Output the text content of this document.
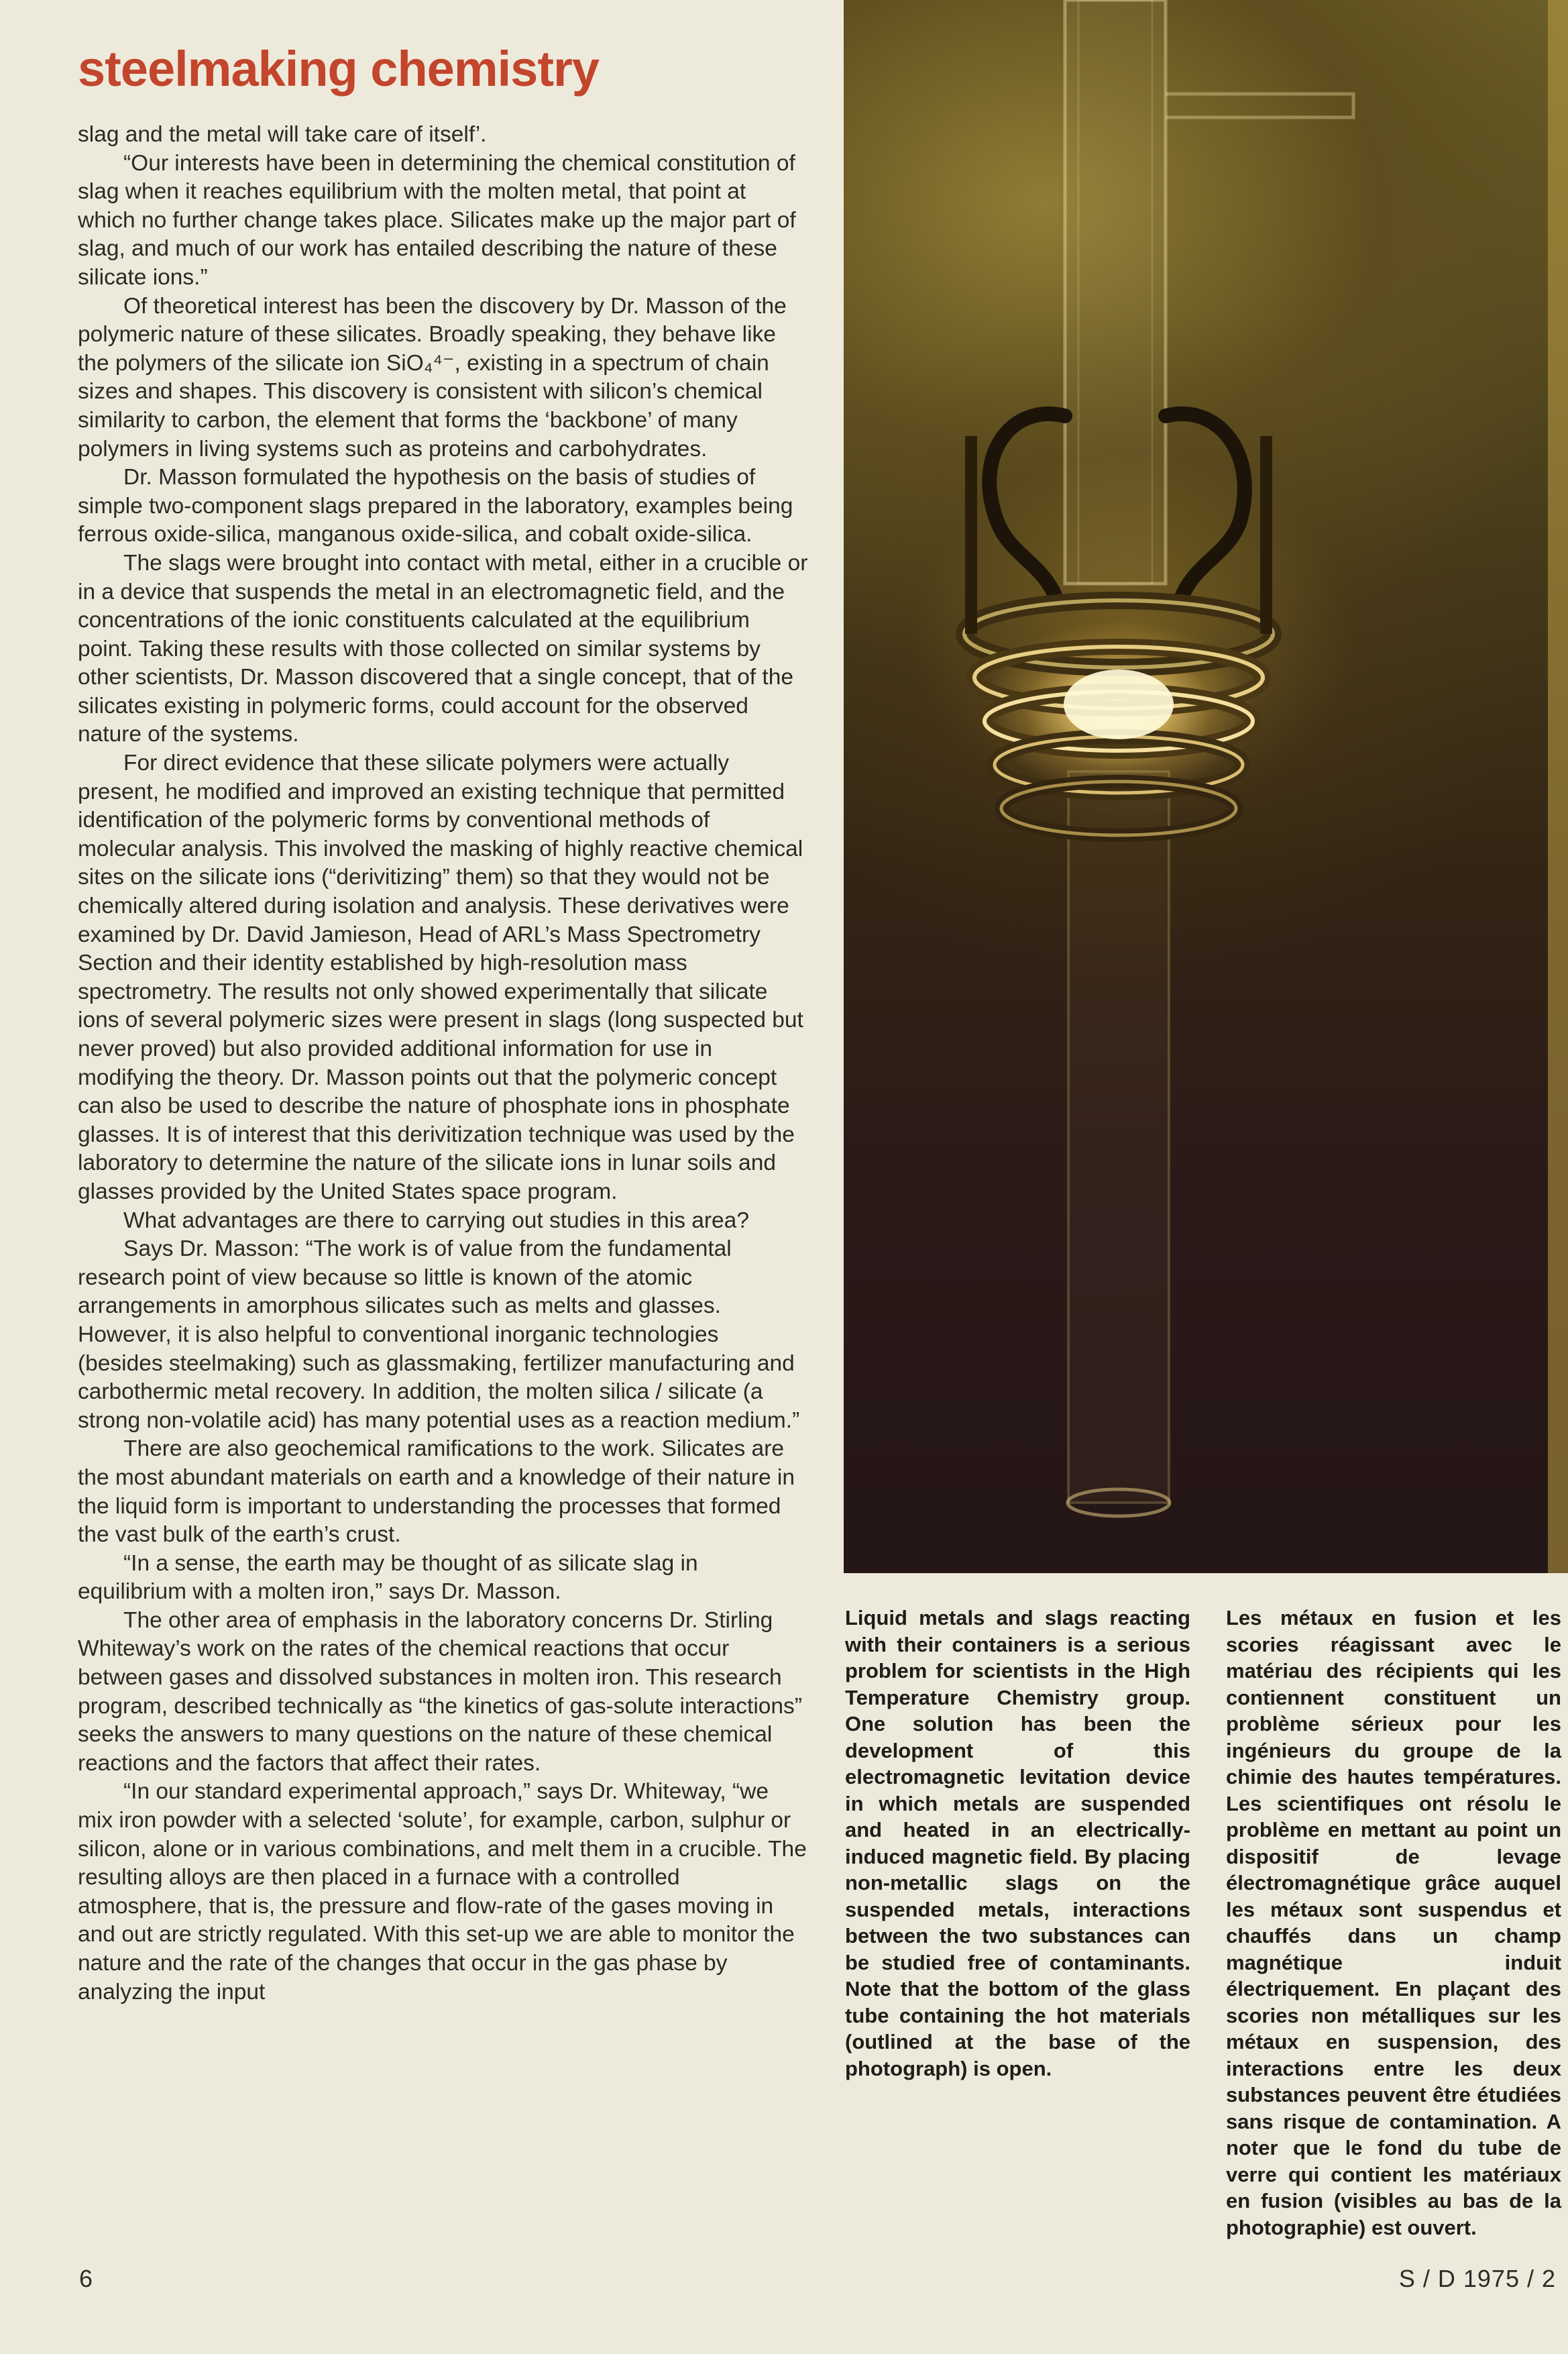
steelmaking chemistry

slag and the metal will take care of itself’.

“Our interests have been in determining the chemical constitution of slag when it reaches equilibrium with the molten metal, that point at which no further change takes place. Silicates make up the major part of slag, and much of our work has entailed describing the nature of these silicate ions.”

Of theoretical interest has been the discovery by Dr. Masson of the polymeric nature of these silicates. Broadly speaking, they behave like the polymers of the silicate ion SiO₄⁴⁻, existing in a spectrum of chain sizes and shapes. This discovery is consistent with silicon’s chemical similarity to carbon, the element that forms the ‘backbone’ of many polymers in living systems such as proteins and carbohydrates.

Dr. Masson formulated the hypothesis on the basis of studies of simple two-component slags prepared in the laboratory, examples being ferrous oxide-silica, manganous oxide-silica, and cobalt oxide-silica.

The slags were brought into contact with metal, either in a crucible or in a device that suspends the metal in an electromagnetic field, and the concentrations of the ionic constituents calculated at the equilibrium point. Taking these results with those collected on similar systems by other scientists, Dr. Masson discovered that a single concept, that of the silicates existing in polymeric forms, could account for the observed nature of the systems.

For direct evidence that these silicate polymers were actually present, he modified and improved an existing technique that permitted identification of the polymeric forms by conventional methods of molecular analysis. This involved the masking of highly reactive chemical sites on the silicate ions (“derivitizing” them) so that they would not be chemically altered during isolation and analysis. These derivatives were examined by Dr. David Jamieson, Head of ARL’s Mass Spectrometry Section and their identity established by high-resolution mass spectrometry. The results not only showed experimentally that silicate ions of several polymeric sizes were present in slags (long suspected but never proved) but also provided additional information for use in modifying the theory. Dr. Masson points out that the polymeric concept can also be used to describe the nature of phosphate ions in phosphate glasses. It is of interest that this derivitization technique was used by the laboratory to determine the nature of the silicate ions in lunar soils and glasses provided by the United States space program.

What advantages are there to carrying out studies in this area?

Says Dr. Masson: “The work is of value from the fundamental research point of view because so little is known of the atomic arrangements in amorphous silicates such as melts and glasses. However, it is also helpful to conventional inorganic technologies (besides steelmaking) such as glassmaking, fertilizer manufacturing and carbothermic metal recovery. In addition, the molten silica / silicate (a strong non-volatile acid) has many potential uses as a reaction medium.”

There are also geochemical ramifications to the work. Silicates are the most abundant materials on earth and a knowledge of their nature in the liquid form is important to understanding the processes that formed the vast bulk of the earth’s crust.

“In a sense, the earth may be thought of as silicate slag in equilibrium with a molten iron,” says Dr. Masson.

The other area of emphasis in the laboratory concerns Dr. Stirling Whiteway’s work on the rates of the chemical reactions that occur between gases and dissolved substances in molten iron. This research program, described technically as “the kinetics of gas-solute interactions” seeks the answers to many questions on the nature of these chemical reactions and the factors that affect their rates.

“In our standard experimental approach,” says Dr. Whiteway, “we mix iron powder with a selected ‘solute’, for example, carbon, sulphur or silicon, alone or in various combinations, and melt them in a crucible. The resulting alloys are then placed in a furnace with a controlled atmosphere, that is, the pressure and flow-rate of the gases moving in and out are strictly regulated. With this set-up we are able to monitor the nature and the rate of the changes that occur in the gas phase by analyzing the input

Liquid metals and slags reacting with their containers is a serious problem for scientists in the High Temperature Chemistry group. One solution has been the development of this electromagnetic levitation device in which metals are suspended and heated in an electrically-induced magnetic field. By placing non-metallic slags on the suspended metals, interactions between the two substances can be studied free of contaminants. Note that the bottom of the glass tube containing the hot materials (outlined at the base of the photograph) is open.

Les métaux en fusion et les scories réagissant avec le matériau des récipients qui les contiennent constituent un problème sérieux pour les ingénieurs du groupe de la chimie des hautes températures. Les scientifiques ont résolu le problème en mettant au point un dispositif de levage électromagnétique grâce auquel les métaux sont suspendus et chauffés dans un champ magnétique induit électriquement. En plaçant des scories non métalliques sur les métaux en suspension, des interactions entre les deux substances peuvent être étudiées sans risque de contamination. A noter que le fond du tube de verre qui contient les matériaux en fusion (visibles au bas de la photographie) est ouvert.

6	S / D 1975 / 2
